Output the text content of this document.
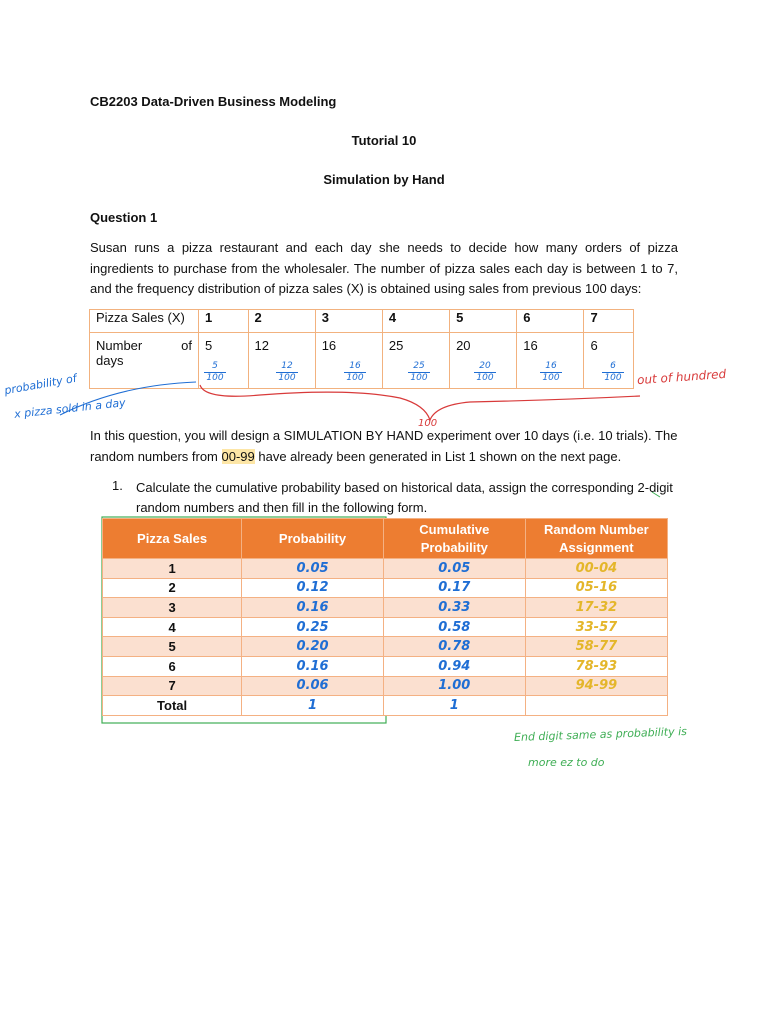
CB2203 Data-Driven Business Modeling
Tutorial 10
Simulation by Hand
Question 1
Susan runs a pizza restaurant and each day she needs to decide how many orders of pizza ingredients to purchase from the wholesaler. The number of pizza sales each day is between 1 to 7, and the frequency distribution of pizza sales (X) is obtained using sales from previous 100 days:
Pizza Sales (X)	1	2	3	4	5	6	7

Number of
days	5	12	16	25	20	16	6
5
100
12
100
16
100
25
100
20
100
16
100
6
100
probability of
x pizza sold in a day
out of hundred
100
In this question, you will design a SIMULATION BY HAND experiment over 10 days (i.e. 10 trials). The random numbers from 00-99 have already been generated in List 1 shown on the next page.
1. Calculate the cumulative probability based on historical data, assign the corresponding 2-digit random numbers and then fill in the following form.
Pizza Sales	Probability	Cumulative Probability	Random Number Assignment
1	0.05	0.05	00-04
2	0.12	0.17	05-16
3	0.16	0.33	17-32
4	0.25	0.58	33-57
5	0.20	0.78	58-77
6	0.16	0.94	78-93
7	0.06	1.00	94-99
Total	1	1	
End digit same as probability is
more ez to do
